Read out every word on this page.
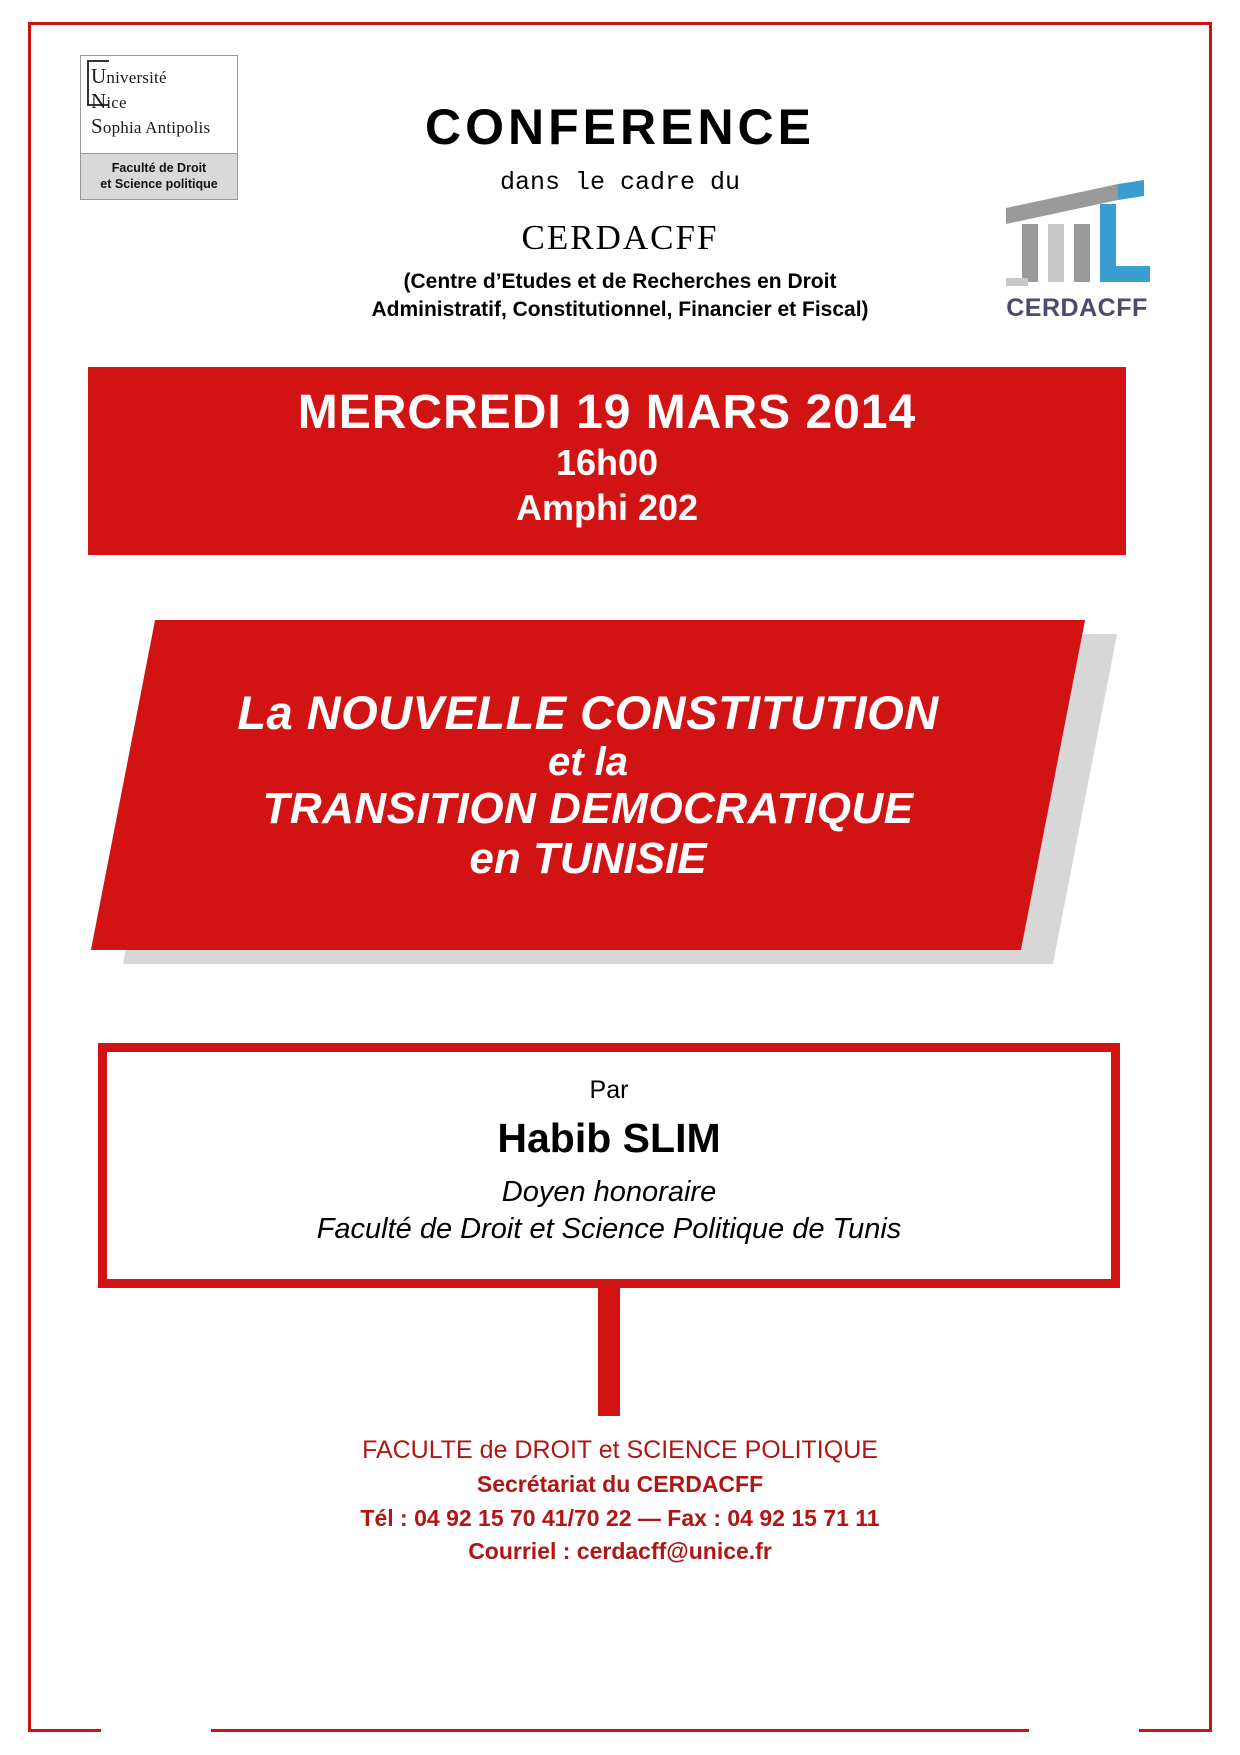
Université
Nice
Sophia Antipolis
Faculté de Droit
et Science politique
CERDACFF
CONFERENCE
dans le cadre du
CERDACFF
(Centre d’Etudes et de Recherches en Droit
Administratif, Constitutionnel, Financier et Fiscal)
MERCREDI 19 MARS 2014
16h00
Amphi 202
La NOUVELLE CONSTITUTION
et la
TRANSITION DEMOCRATIQUE
en TUNISIE
Par
Habib SLIM
Doyen honoraire
Faculté de Droit et Science Politique de Tunis
FACULTE de DROIT et SCIENCE POLITIQUE
Secrétariat du CERDACFF
Tél : 04 92 15 70 41/70 22 — Fax : 04 92 15 71 11
Courriel : cerdacff@unice.fr
